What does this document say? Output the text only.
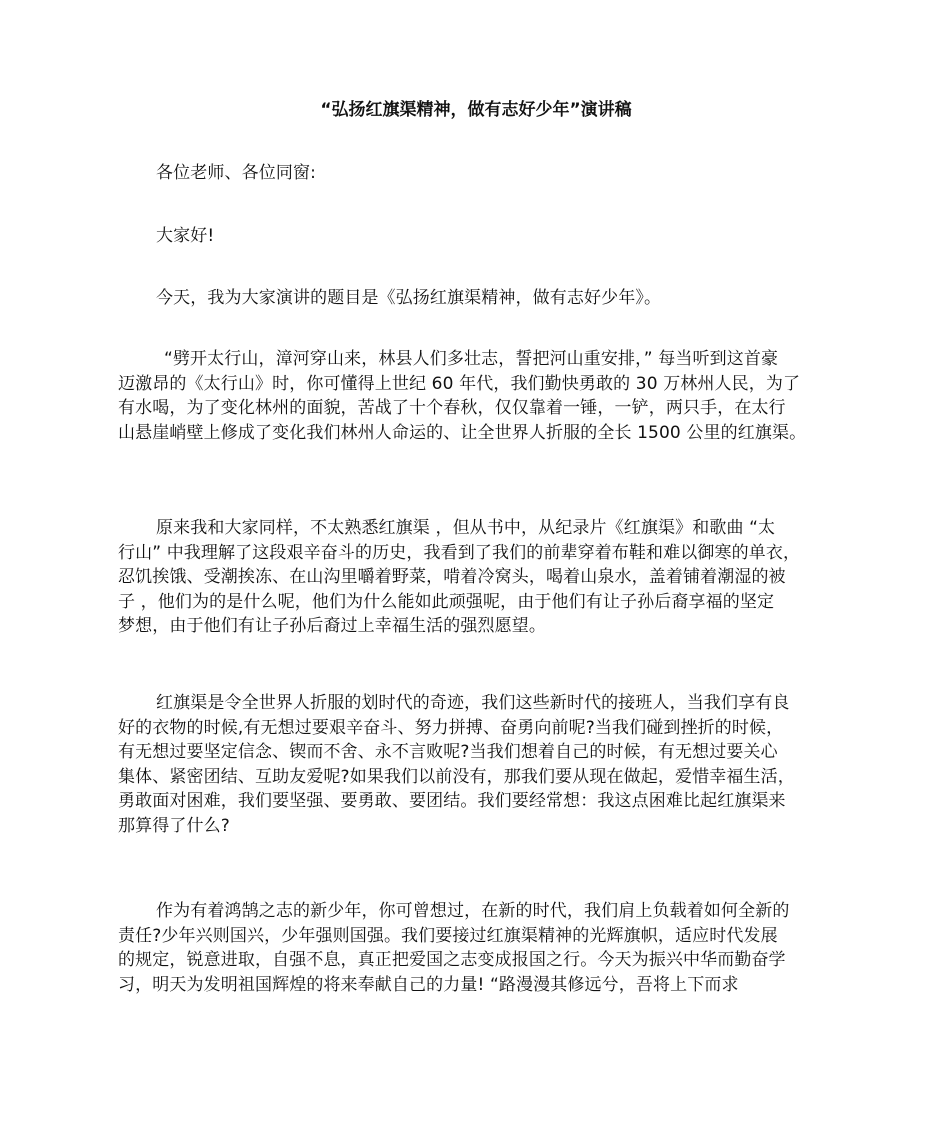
“弘扬红旗渠精神，做有志好少年”演讲稿

各位老师、各位同窗:

大家好!

今天，我为大家演讲的题目是《弘扬红旗渠精神，做有志好少年》。

“劈开太行山，漳河穿山来，林县人们多壮志，誓把河山重安排，” 每当听到这首豪
迈激昂的《太行山》时，你可懂得上世纪 60 年代，我们勤快勇敢的 30 万林州人民，为了
有水喝，为了变化林州的面貌，苦战了十个春秋，仅仅靠着一锤，一铲，两只手，在太行
山悬崖峭壁上修成了变化我们林州人命运的、让全世界人折服的全长 1500 公里的红旗渠。
原来我和大家同样，不太熟悉红旗渠 ，但从书中，从纪录片《红旗渠》和歌曲 “太
行山” 中我理解了这段艰辛奋斗的历史，我看到了我们的前辈穿着布鞋和难以御寒的单衣，
忍饥挨饿、受潮挨冻、在山沟里嚼着野菜，啃着冷窝头，喝着山泉水，盖着铺着潮湿的被
子 ，他们为的是什么呢，他们为什么能如此顽强呢，由于他们有让子孙后裔享福的坚定
梦想，由于他们有让子孙后裔过上幸福生活的强烈愿望。
红旗渠是令全世界人折服的划时代的奇迹，我们这些新时代的接班人，当我们享有良
好的衣物的时候,有无想过要艰辛奋斗、努力拼搏、奋勇向前呢?当我们碰到挫折的时候，
有无想过要坚定信念、锲而不舍、永不言败呢?当我们想着自己的时候，有无想过要关心
集体、紧密团结、互助友爱呢?如果我们以前没有，那我们要从现在做起，爱惜幸福生活，
勇敢面对困难，我们要坚强、要勇敢、要团结。我们要经常想：我这点困难比起红旗渠来
那算得了什么?
作为有着鸿鹄之志的新少年，你可曾想过，在新的时代，我们肩上负载着如何全新的
责任?少年兴则国兴，少年强则国强。我们要接过红旗渠精神的光辉旗帜，适应时代发展
的规定，锐意进取，自强不息，真正把爱国之志变成报国之行。今天为振兴中华而勤奋学
习，明天为发明祖国辉煌的将来奉献自己的力量! “路漫漫其修远兮，吾将上下而求
